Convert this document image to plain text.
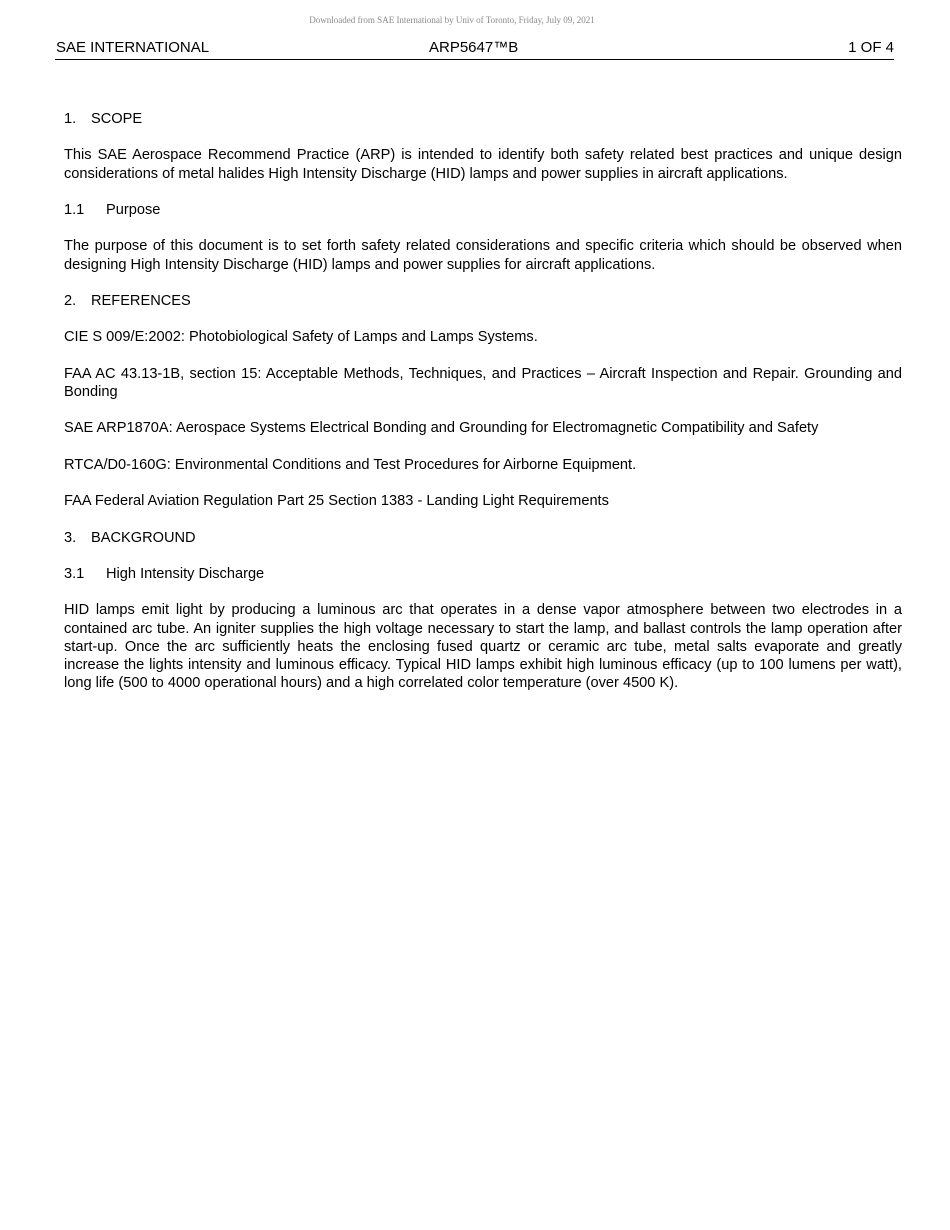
Downloaded from SAE International by Univ of Toronto, Friday, July 09, 2021
SAE INTERNATIONAL	ARP5647™B	1 OF 4
1. SCOPE

This SAE Aerospace Recommend Practice (ARP) is intended to identify both safety related best practices and unique design considerations of metal halides High Intensity Discharge (HID) lamps and power supplies in aircraft applications.

1.1 Purpose

The purpose of this document is to set forth safety related considerations and specific criteria which should be observed when designing High Intensity Discharge (HID) lamps and power supplies for aircraft applications.

2. REFERENCES

CIE S 009/E:2002: Photobiological Safety of Lamps and Lamps Systems.

FAA AC 43.13-1B, section 15: Acceptable Methods, Techniques, and Practices – Aircraft Inspection and Repair. Grounding and Bonding

SAE ARP1870A: Aerospace Systems Electrical Bonding and Grounding for Electromagnetic Compatibility and Safety

RTCA/D0-160G: Environmental Conditions and Test Procedures for Airborne Equipment.

FAA Federal Aviation Regulation Part 25 Section 1383 - Landing Light Requirements

3. BACKGROUND
3.1 High Intensity Discharge

HID lamps emit light by producing a luminous arc that operates in a dense vapor atmosphere between two electrodes in a contained arc tube. An igniter supplies the high voltage necessary to start the lamp, and ballast controls the lamp operation after start-up. Once the arc sufficiently heats the enclosing fused quartz or ceramic arc tube, metal salts evaporate and greatly increase the lights intensity and luminous efficacy. Typical HID lamps exhibit high luminous efficacy (up to 100 lumens per watt), long life (500 to 4000 operational hours) and a high correlated color temperature (over 4500 K).
